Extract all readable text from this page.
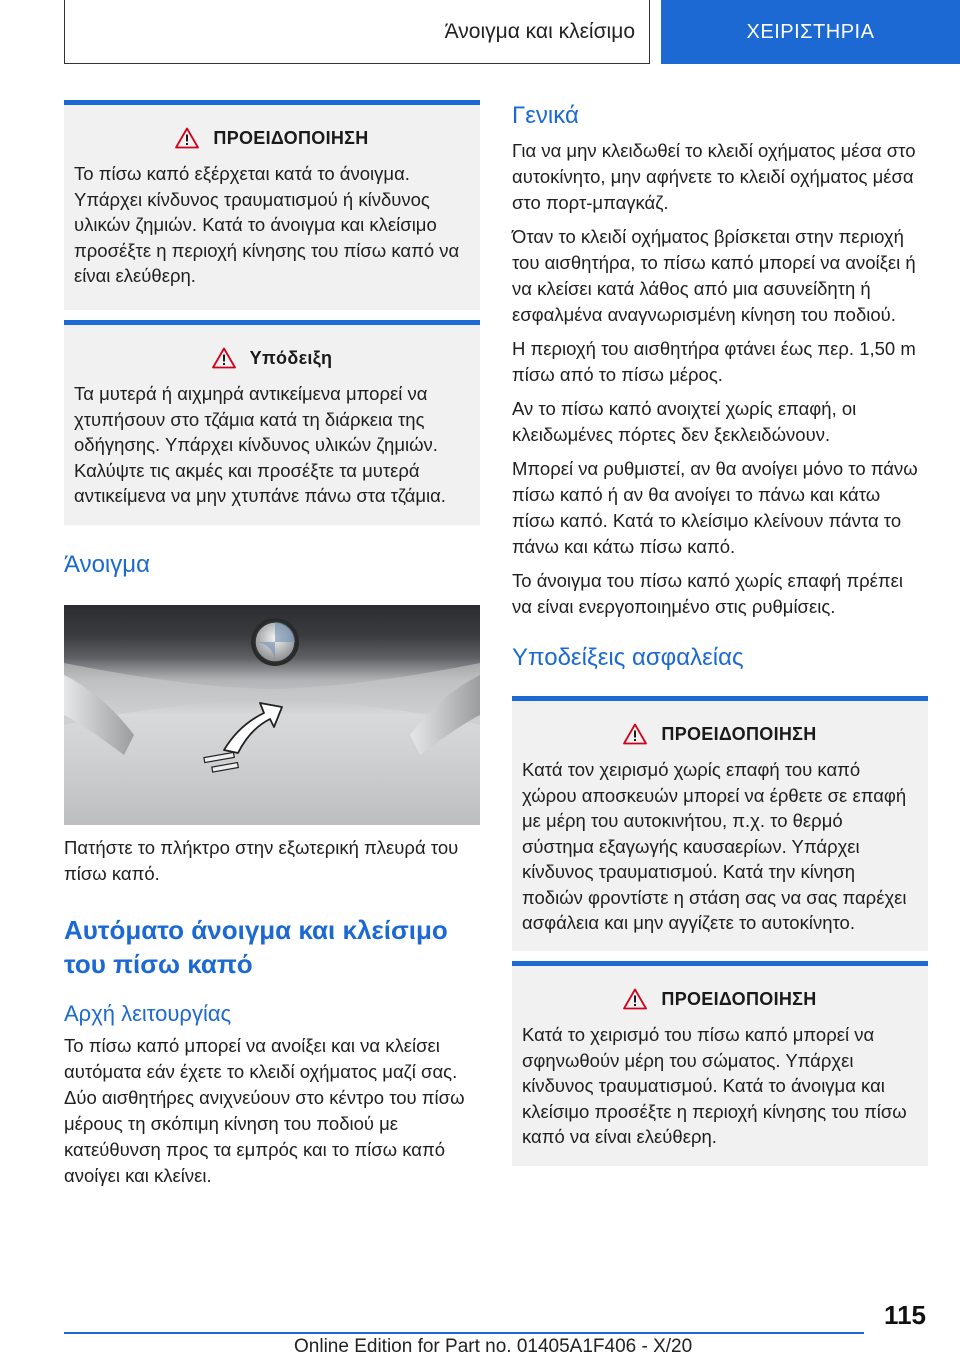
Άνοιγμα και κλείσιμο	ΧΕΙΡΙΣΤΗΡΙΑ
ΠΡΟΕΙΔΟΠΟΙΗΣΗ
Το πίσω καπό εξέρχεται κατά το άνοιγμα. Υπάρχει κίνδυνος τραυματισμού ή κίνδυνος υλικών ζημιών. Κατά το άνοιγμα και κλείσιμο προσέξτε η περιοχή κίνησης του πίσω καπό να είναι ελεύθερη.
Υπόδειξη
Τα μυτερά ή αιχμηρά αντικείμενα μπορεί να χτυπήσουν στο τζάμια κατά τη διάρκεια της οδήγησης. Υπάρχει κίνδυνος υλικών ζημιών. Καλύψτε τις ακμές και προσέξτε τα μυτερά αντικείμενα να μην χτυπάνε πάνω στα τζάμια.
Άνοιγμα
Πατήστε το πλήκτρο στην εξωτερική πλευρά του πίσω καπό.
Αυτόματο άνοιγμα και κλείσιμο του πίσω καπό
Αρχή λειτουργίας
Το πίσω καπό μπορεί να ανοίξει και να κλείσει αυτόματα εάν έχετε το κλειδί οχήματος μαζί σας. Δύο αισθητήρες ανιχνεύουν στο κέντρο του πίσω μέρους τη σκόπιμη κίνηση του ποδιού με κατεύθυνση προς τα εμπρός και το πίσω καπό ανοίγει και κλείνει.
Γενικά
Για να μην κλειδωθεί το κλειδί οχήματος μέσα στο αυτοκίνητο, μην αφήνετε το κλειδί οχήματος μέσα στο πορτ-μπαγκάζ.
Όταν το κλειδί οχήματος βρίσκεται στην περιοχή του αισθητήρα, το πίσω καπό μπορεί να ανοίξει ή να κλείσει κατά λάθος από μια ασυνείδητη ή εσφαλμένα αναγνωρισμένη κίνηση του ποδιού.
Η περιοχή του αισθητήρα φτάνει έως περ. 1,50 m πίσω από το πίσω μέρος.
Αν το πίσω καπό ανοιχτεί χωρίς επαφή, οι κλειδωμένες πόρτες δεν ξεκλειδώνουν.
Μπορεί να ρυθμιστεί, αν θα ανοίγει μόνο το πάνω πίσω καπό ή αν θα ανοίγει το πάνω και κάτω πίσω καπό. Κατά το κλείσιμο κλείνουν πάντα το πάνω και κάτω πίσω καπό.
Το άνοιγμα του πίσω καπό χωρίς επαφή πρέπει να είναι ενεργοποιημένο στις ρυθμίσεις.
Υποδείξεις ασφαλείας
ΠΡΟΕΙΔΟΠΟΙΗΣΗ
Κατά τον χειρισμό χωρίς επαφή του καπό χώρου αποσκευών μπορεί να έρθετε σε επαφή με μέρη του αυτοκινήτου, π.χ. το θερμό σύστημα εξαγωγής καυσαερίων. Υπάρχει κίνδυνος τραυματισμού. Κατά την κίνηση ποδιών φροντίστε η στάση σας να σας παρέχει ασφάλεια και μην αγγίζετε το αυτοκίνητο.
ΠΡΟΕΙΔΟΠΟΙΗΣΗ
Κατά το χειρισμό του πίσω καπό μπορεί να σφηνωθούν μέρη του σώματος. Υπάρχει κίνδυνος τραυματισμού. Κατά το άνοιγμα και κλείσιμο προσέξτε η περιοχή κίνησης του πίσω καπό να είναι ελεύθερη.
115
Online Edition for Part no. 01405A1F406 - X/20
